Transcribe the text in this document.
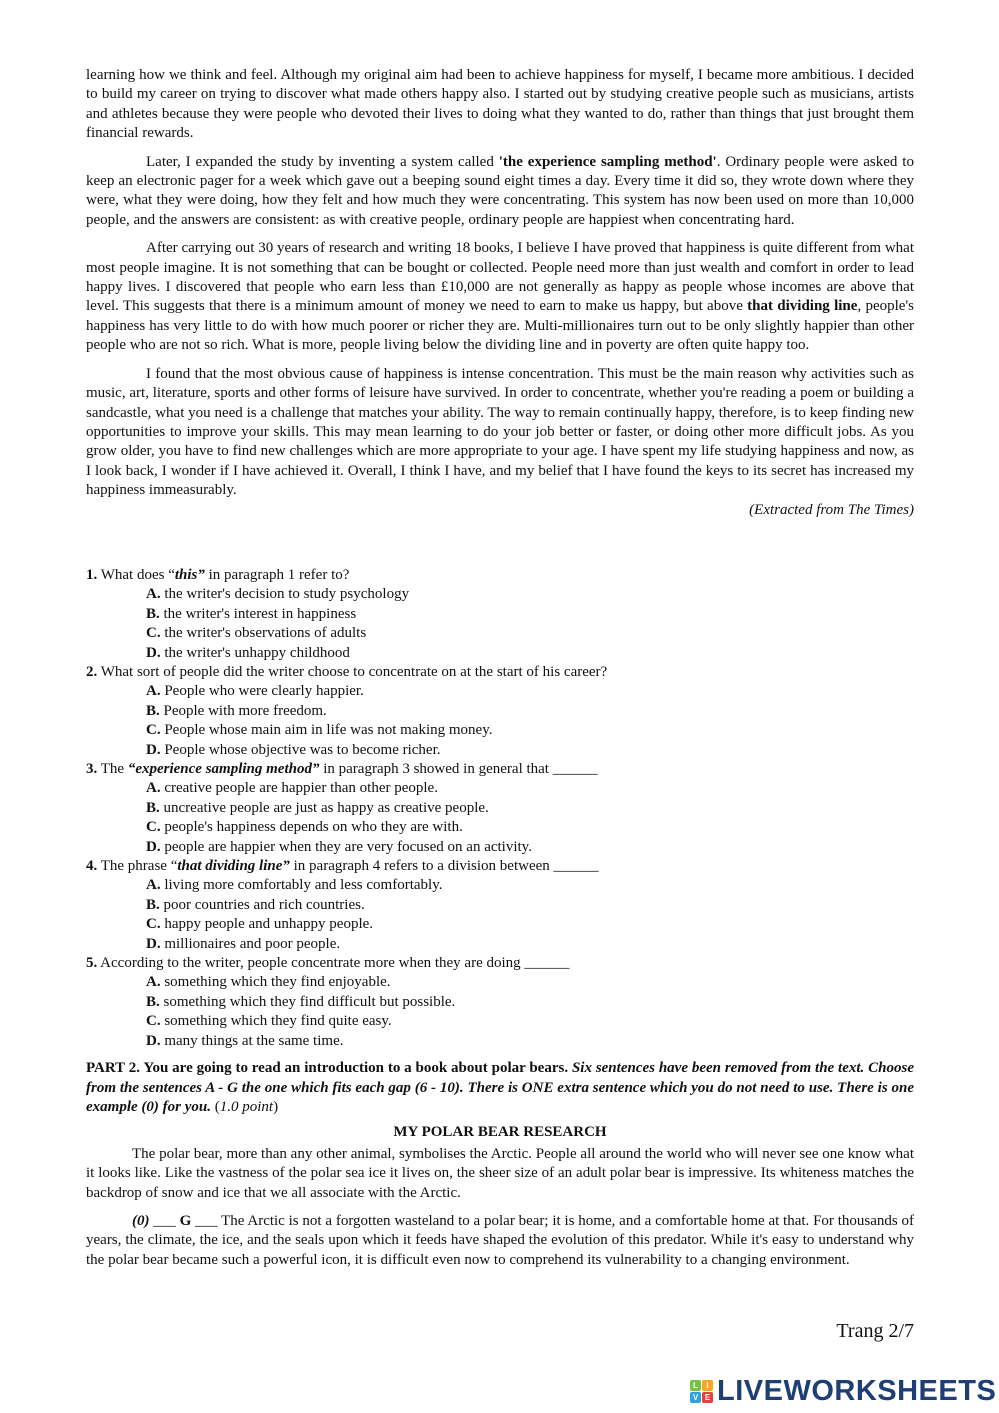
learning how we think and feel. Although my original aim had been to achieve happiness for myself, I became more ambitious. I decided to build my career on trying to discover what made others happy also. I started out by studying creative people such as musicians, artists and athletes because they were people who devoted their lives to doing what they wanted to do, rather than things that just brought them financial rewards.

Later, I expanded the study by inventing a system called 'the experience sampling method'. Ordinary people were asked to keep an electronic pager for a week which gave out a beeping sound eight times a day. Every time it did so, they wrote down where they were, what they were doing, how they felt and how much they were concentrating. This system has now been used on more than 10,000 people, and the answers are consistent: as with creative people, ordinary people are happiest when concentrating hard.

After carrying out 30 years of research and writing 18 books, I believe I have proved that happiness is quite different from what most people imagine. It is not something that can be bought or collected. People need more than just wealth and comfort in order to lead happy lives. I discovered that people who earn less than £10,000 are not generally as happy as people whose incomes are above that level. This suggests that there is a minimum amount of money we need to earn to make us happy, but above that dividing line, people's happiness has very little to do with how much poorer or richer they are. Multi-millionaires turn out to be only slightly happier than other people who are not so rich. What is more, people living below the dividing line and in poverty are often quite happy too.

I found that the most obvious cause of happiness is intense concentration. This must be the main reason why activities such as music, art, literature, sports and other forms of leisure have survived. In order to concentrate, whether you're reading a poem or building a sandcastle, what you need is a challenge that matches your ability. The way to remain continually happy, therefore, is to keep finding new opportunities to improve your skills. This may mean learning to do your job better or faster, or doing other more difficult jobs. As you grow older, you have to find new challenges which are more appropriate to your age. I have spent my life studying happiness and now, as I look back, I wonder if I have achieved it. Overall, I think I have, and my belief that I have found the keys to its secret has increased my happiness immeasurably.

(Extracted from The Times)

1. What does “this” in paragraph 1 refer to?

A. the writer's decision to study psychology

B. the writer's interest in happiness

C. the writer's observations of adults

D. the writer's unhappy childhood

2. What sort of people did the writer choose to concentrate on at the start of his career?

A. People who were clearly happier.

B. People with more freedom.

C. People whose main aim in life was not making money.

D. People whose objective was to become richer.

3. The “experience sampling method” in paragraph 3 showed in general that ______

A. creative people are happier than other people.

B. uncreative people are just as happy as creative people.

C. people's happiness depends on who they are with.

D. people are happier when they are very focused on an activity.

4. The phrase “that dividing line” in paragraph 4 refers to a division between ______

A. living more comfortably and less comfortably.

B. poor countries and rich countries.

C. happy people and unhappy people.

D. millionaires and poor people.

5. According to the writer, people concentrate more when they are doing ______

A. something which they find enjoyable.

B. something which they find difficult but possible.

C. something which they find quite easy.

D. many things at the same time.

PART 2. You are going to read an introduction to a book about polar bears. Six sentences have been removed from the text. Choose from the sentences A - G the one which fits each gap (6 - 10). There is ONE extra sentence which you do not need to use. There is one example (0) for you. (1.0 point)

MY POLAR BEAR RESEARCH

The polar bear, more than any other animal, symbolises the Arctic. People all around the world who will never see one know what it looks like. Like the vastness of the polar sea ice it lives on, the sheer size of an adult polar bear is impressive. Its whiteness matches the backdrop of snow and ice that we all associate with the Arctic.

(0) ___ G ___ The Arctic is not a forgotten wasteland to a polar bear; it is home, and a comfortable home at that. For thousands of years, the climate, the ice, and the seals upon which it feeds have shaped the evolution of this predator. While it's easy to understand why the polar bear became such a powerful icon, it is difficult even now to comprehend its vulnerability to a changing environment.

Trang 2/7
L	I
V E LIVEWORKSHEETS
